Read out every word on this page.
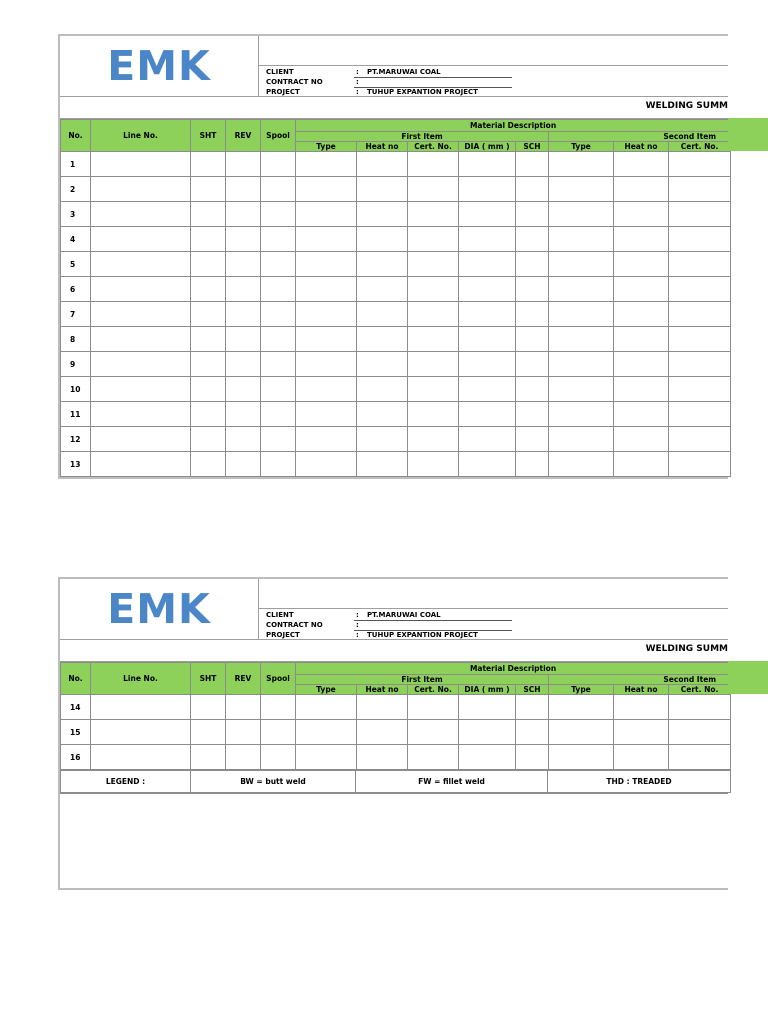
EMK	CLIENT	: PT.MARUWAI COAL
CONTRACT NO	:
PROJECT	: TUHUP EXPANTION PROJECT
WELDING SUMM
No.	Line No.	SHT	REV	Spool	Material Description							
					First Item					Second Item		
					Type	Heat no	Cert. No.	DIA ( mm )	SCH	Type	Heat no	Cert. No.
1												
2												
3												
4												
5												
6												
7												
8												
9												
10												
11												
12												
13												
EMK	CLIENT	: PT.MARUWAI COAL
CONTRACT NO	:
PROJECT	: TUHUP EXPANTION PROJECT
WELDING SUMM
No.	Line No.	SHT	REV	Spool	Material Description							
					First Item					Second Item		
					Type	Heat no	Cert. No.	DIA ( mm )	SCH	Type	Heat no	Cert. No.
14												
15												
16												
LEGEND :	BW = butt weld	FW = fillet weld	THD : TREADED
